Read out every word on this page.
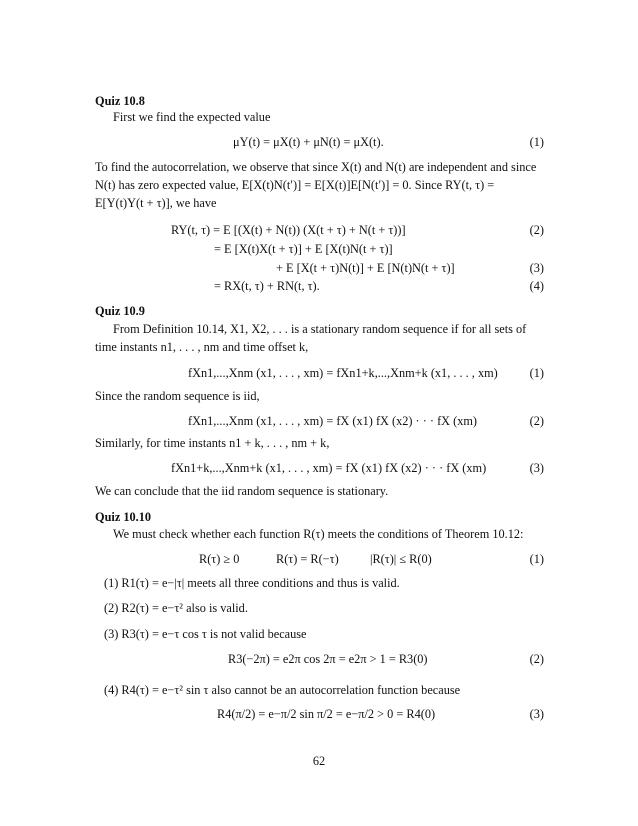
Quiz 10.8
First we find the expected value
μY(t) = μX(t) + μN(t) = μX(t).	(1)
To find the autocorrelation, we observe that since X(t) and N(t) are independent and since
N(t) has zero expected value, E[X(t)N(t′)] = E[X(t)]E[N(t′)] = 0. Since RY(t, τ) =
E[Y(t)Y(t + τ)], we have
RY(t, τ) = E [(X(t) + N(t)) (X(t + τ) + N(t + τ))]	(2)
= E [X(t)X(t + τ)] + E [X(t)N(t + τ)]
+ E [X(t + τ)N(t)] + E [N(t)N(t + τ)]	(3)
= RX(t, τ) + RN(t, τ).	(4)
Quiz 10.9
From Definition 10.14, X1, X2, . . . is a stationary random sequence if for all sets of
time instants n1, . . . , nm and time offset k,
fXn1,...,Xnm (x1, . . . , xm) = fXn1+k,...,Xnm+k (x1, . . . , xm)	(1)
Since the random sequence is iid,
fXn1,...,Xnm (x1, . . . , xm) = fX (x1) fX (x2) · · · fX (xm)	(2)
Similarly, for time instants n1 + k, . . . , nm + k,
fXn1+k,...,Xnm+k (x1, . . . , xm) = fX (x1) fX (x2) · · · fX (xm)	(3)
We can conclude that the iid random sequence is stationary.
Quiz 10.10
We must check whether each function R(τ) meets the conditions of Theorem 10.12:
R(τ) ≥ 0	R(τ) = R(−τ)	|R(τ)| ≤ R(0)	(1)
(1) R1(τ) = e−|τ| meets all three conditions and thus is valid.
(2) R2(τ) = e−τ² also is valid.
(3) R3(τ) = e−τ cos τ is not valid because
R3(−2π) = e2π cos 2π = e2π > 1 = R3(0)	(2)
(4) R4(τ) = e−τ² sin τ also cannot be an autocorrelation function because
R4(π/2) = e−π/2 sin π/2 = e−π/2 > 0 = R4(0)	(3)
62
